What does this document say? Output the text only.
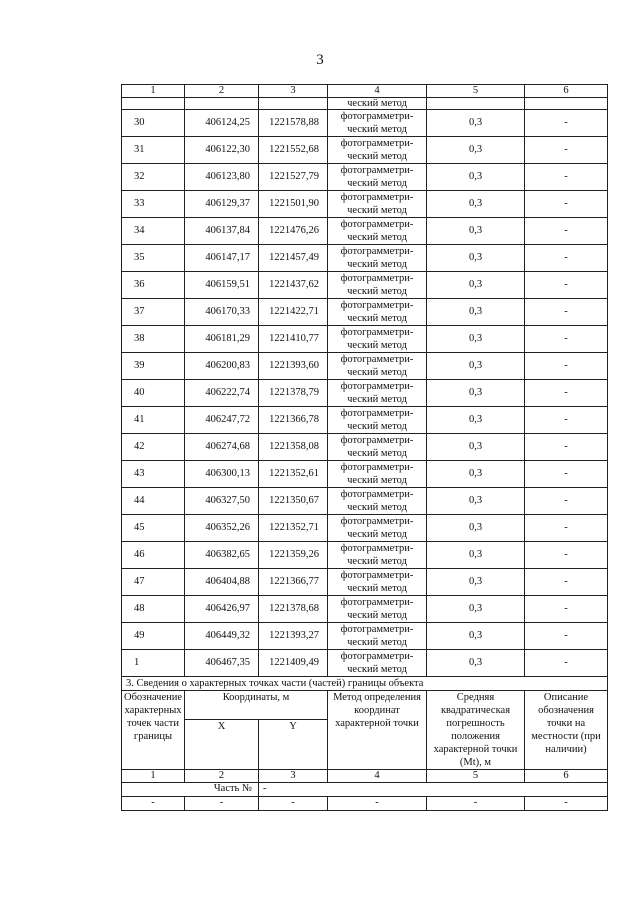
3
1	2	3	4	5	6
			ческий метод		
30	406124,25	1221578,88	фотограмметри-
ческий метод	0,3	-
31	406122,30	1221552,68	фотограмметри-
ческий метод	0,3	-
32	406123,80	1221527,79	фотограмметри-
ческий метод	0,3	-
33	406129,37	1221501,90	фотограмметри-
ческий метод	0,3	-
34	406137,84	1221476,26	фотограмметри-
ческий метод	0,3	-
35	406147,17	1221457,49	фотограмметри-
ческий метод	0,3	-
36	406159,51	1221437,62	фотограмметри-
ческий метод	0,3	-
37	406170,33	1221422,71	фотограмметри-
ческий метод	0,3	-
38	406181,29	1221410,77	фотограмметри-
ческий метод	0,3	-
39	406200,83	1221393,60	фотограмметри-
ческий метод	0,3	-
40	406222,74	1221378,79	фотограмметри-
ческий метод	0,3	-
41	406247,72	1221366,78	фотограмметри-
ческий метод	0,3	-
42	406274,68	1221358,08	фотограмметри-
ческий метод	0,3	-
43	406300,13	1221352,61	фотограмметри-
ческий метод	0,3	-
44	406327,50	1221350,67	фотограмметри-
ческий метод	0,3	-
45	406352,26	1221352,71	фотограмметри-
ческий метод	0,3	-
46	406382,65	1221359,26	фотограмметри-
ческий метод	0,3	-
47	406404,88	1221366,77	фотограмметри-
ческий метод	0,3	-
48	406426,97	1221378,68	фотограмметри-
ческий метод	0,3	-
49	406449,32	1221393,27	фотограмметри-
ческий метод	0,3	-
1	406467,35	1221409,49	фотограмметри-
ческий метод	0,3	-
3. Сведения о характерных точках части (частей) границы объекта					
Обозначение характерных точек части границы	Координаты, м		Метод определения координат характерной точки	Средняя квадратическая погрешность положения характерной точки (Mt), м	Описание обозначения точки на местности (при наличии)
	X	Y			
1	2	3	4	5	6
Часть №		-			
-	-	-	-	-	-
